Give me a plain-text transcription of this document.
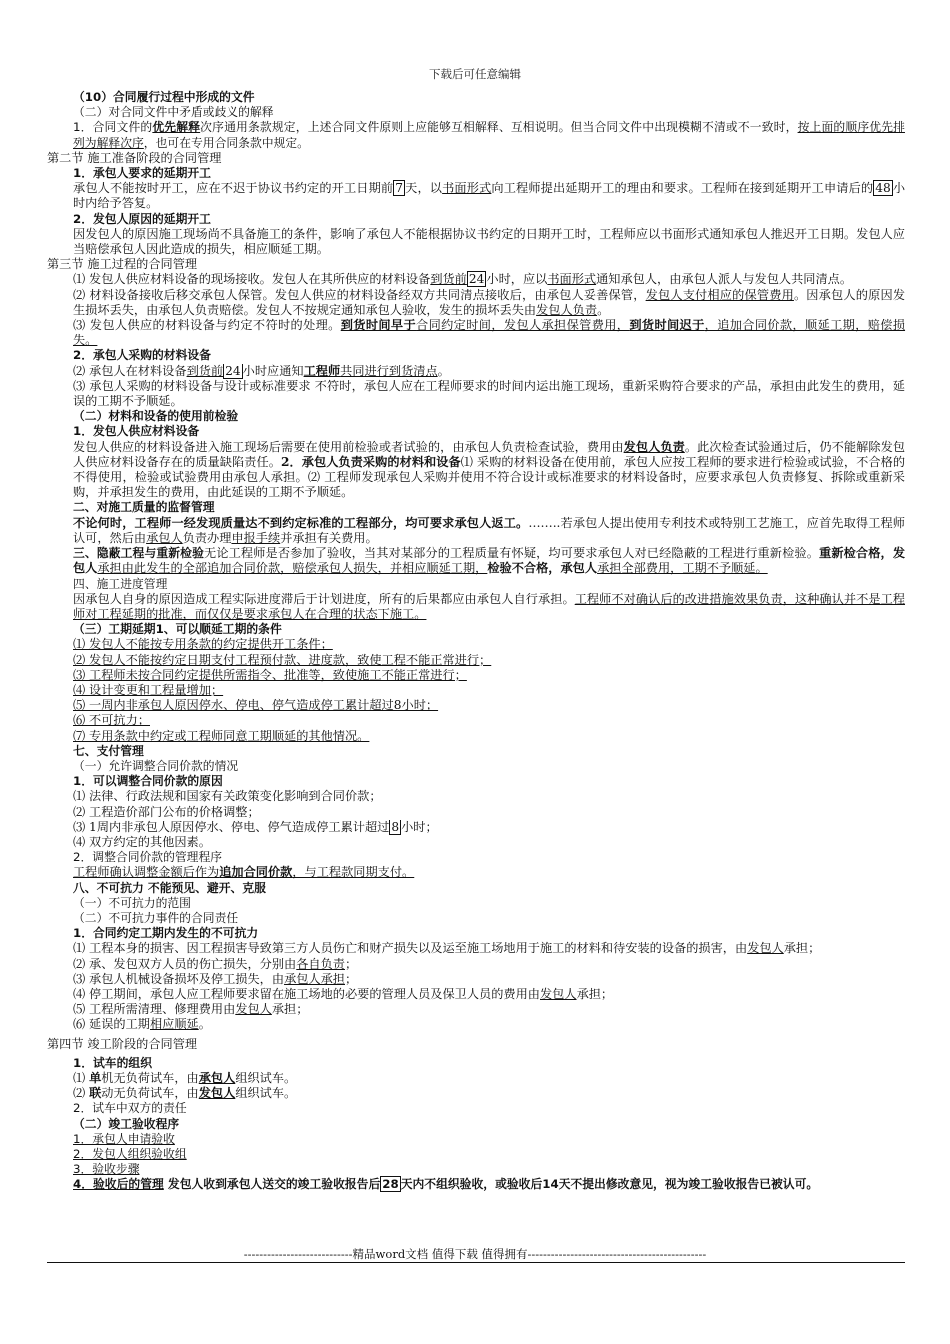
下载后可任意编辑
（10）合同履行过程中形成的文件
（二）对合同文件中矛盾或歧义的解释
1．合同文件的优先解释次序通用条款规定，上述合同文件原则上应能够互相解释、互相说明。但当合同文件中出现模糊不清或不一致时，按上面的顺序优先排列为解释次序，也可在专用合同条款中规定。
第二节 施工准备阶段的合同管理
1．承包人要求的延期开工
承包人不能按时开工，应在不迟于协议书约定的开工日期前 7 天，以书面形式向工程师提出延期开工的理由和要求。工程师在接到延期开工申请后的 48 小时内给予答复。
2．发包人原因的延期开工
因发包人的原因施工现场尚不具备施工的条件，影响了承包人不能根据协议书约定的日期开工时，工程师应以书面形式通知承包人推迟开工日期。发包人应当赔偿承包人因此造成的损失，相应顺延工期。
第三节 施工过程的合同管理
⑴ 发包人供应材料设备的现场接收。发包人在其所供应的材料设备到货前 24 小时，应以书面形式通知承包人，由承包人派人与发包人共同清点。
⑵ 材料设备接收后移交承包人保管。发包人供应的材料设备经双方共同清点接收后，由承包人妥善保管，发包人支付相应的保管费用。因承包人的原因发生损坏丢失，由承包人负责赔偿。发包人不按规定通知承包人验收，发生的损坏丢失由发包人负责。
⑶ 发包人供应的材料设备与约定不符时的处理。到货时间早于合同约定时间，发包人承担保管费用，到货时间迟于，追加合同价款，顺延工期，赔偿损失。
2．承包人采购的材料设备
⑵ 承包人在材料设备到货前 24 小时应通知工程师共同进行到货清点。
⑶ 承包人采购的材料设备与设计或标准要求 不符时，承包人应在工程师要求的时间内运出施工现场，重新采购符合要求的产品，承担由此发生的费用，延误的工期不予顺延。
（二）材料和设备的使用前检验
1．发包人供应材料设备
发包人供应的材料设备进入施工现场后需要在使用前检验或者试验的，由承包人负责检查试验，费用由发包人负责。此次检查试验通过后，仍不能解除发包人供应材料设备存在的质量缺陷责任。2．承包人负责采购的材料和设备⑴ 采购的材料设备在使用前，承包人应按工程师的要求进行检验或试验，不合格的不得使用，检验或试验费用由承包人承担。⑵ 工程师发现承包人采购并使用不符合设计或标准要求的材料设备时，应要求承包人负责修复、拆除或重新采购，并承担发生的费用，由此延误的工期不予顺延。
二、对施工质量的监督管理
不论何时，工程师一经发现质量达不到约定标准的工程部分，均可要求承包人返工。……..若承包人提出使用专利技术或特别工艺施工，应首先取得工程师认可，然后由承包人负责办理申报手续并承担有关费用。
三、隐蔽工程与重新检验无论工程师是否参加了验收，当其对某部分的工程质量有怀疑，均可要求承包人对已经隐蔽的工程进行重新检验。重新检合格，发包人承担由此发生的全部追加合同价款，赔偿承包人损失，并相应顺延工期，检验不合格，承包人承担全部费用，工期不予顺延。
四、施工进度管理
因承包人自身的原因造成工程实际进度滞后于计划进度，所有的后果都应由承包人自行承担。工程师不对确认后的改进措施效果负责，这种确认并不是工程师对工程延期的批准，而仅仅是要求承包人在合理的状态下施工。
（三）工期延期1、可以顺延工期的条件
⑴ 发包人不能按专用条款的约定提供开工条件；
⑵ 发包人不能按约定日期支付工程预付款、进度款，致使工程不能正常进行；
⑶ 工程师未按合同约定提供所需指令、批准等，致使施工不能正常进行；
⑷ 设计变更和工程量增加；
⑸ 一周内非承包人原因停水、停电、停气造成停工累计超过8小时；
⑹ 不可抗力；
⑺ 专用条款中约定或工程师同意工期顺延的其他情况。
七、支付管理
（一）允许调整合同价款的情况
1．可以调整合同价款的原因
⑴ 法律、行政法规和国家有关政策变化影响到合同价款；
⑵ 工程造价部门公布的价格调整；
⑶ 1周内非承包人原因停水、停电、停气造成停工累计超过 8 小时；
⑷ 双方约定的其他因素。
2．调整合同价款的管理程序
工程师确认调整金额后作为追加合同价款，与工程款同期支付。
八、不可抗力 不能预见、避开、克服
（一）不可抗力的范围
（二）不可抗力事件的合同责任
1．合同约定工期内发生的不可抗力
⑴ 工程本身的损害、因工程损害导致第三方人员伤亡和财产损失以及运至施工场地用于施工的材料和待安装的设备的损害，由发包人承担；
⑵ 承、发包双方人员的伤亡损失，分别由各自负责；
⑶ 承包人机械设备损坏及停工损失，由承包人承担；
⑷ 停工期间，承包人应工程师要求留在施工场地的必要的管理人员及保卫人员的费用由发包人承担；
⑸ 工程所需清理、修理费用由发包人承担；
⑹ 延误的工期相应顺延。
第四节 竣工阶段的合同管理
1．试车的组织
⑴ 单机无负荷试车，由承包人组织试车。
⑵ 联动无负荷试车，由发包人组织试车。
2．试车中双方的责任
（二）竣工验收程序
1．承包人申请验收
2．发包人组织验收组
3．验收步骤
4．验收后的管理 发包人收到承包人送交的竣工验收报告后 28 天内不组织验收，或验收后14天不提出修改意见，视为竣工验收报告已被认可。
----------------------------精品word文档 值得下载 值得拥有----------------------------------------------
